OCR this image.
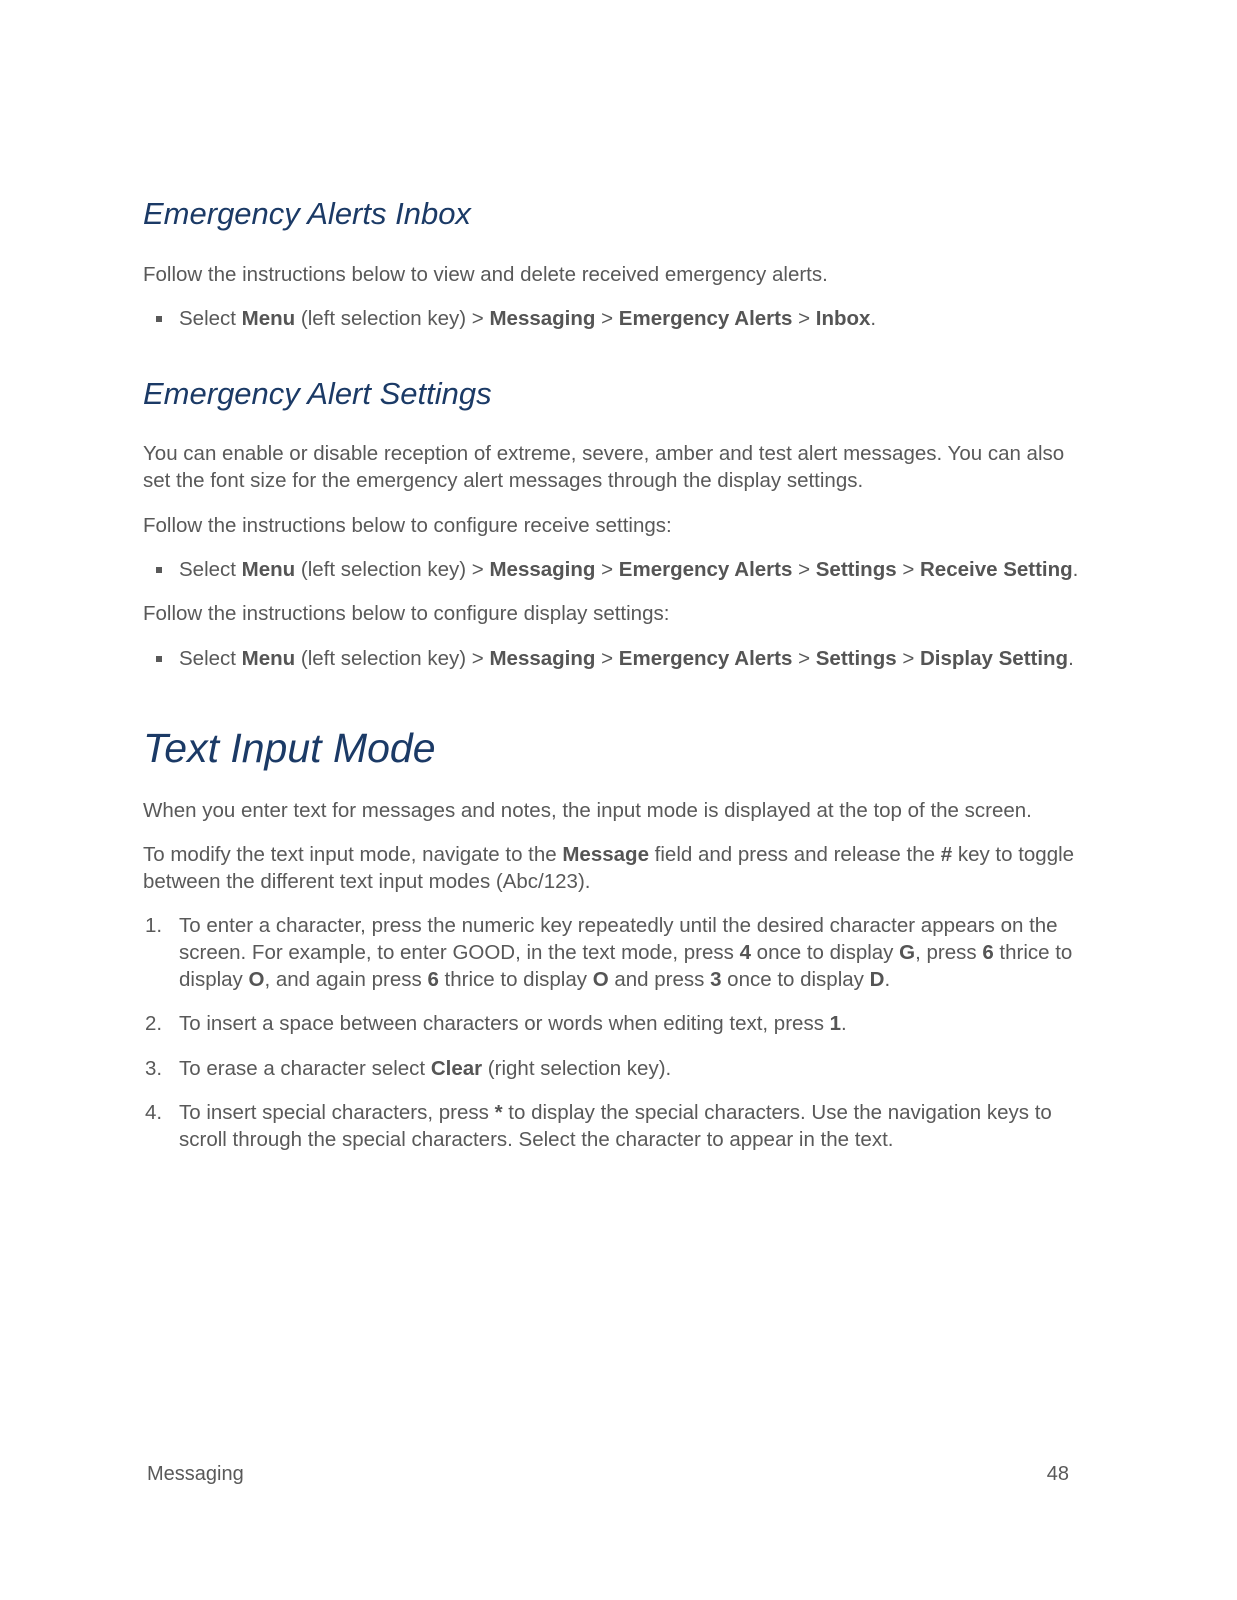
Emergency Alerts Inbox

Follow the instructions below to view and delete received emergency alerts.

Select Menu (left selection key) > Messaging > Emergency Alerts > Inbox.
Emergency Alert Settings

You can enable or disable reception of extreme, severe, amber and test alert messages. You can also set the font size for the emergency alert messages through the display settings.

Follow the instructions below to configure receive settings:

Select Menu (left selection key) > Messaging > Emergency Alerts > Settings > Receive Setting.

Follow the instructions below to configure display settings:

Select Menu (left selection key) > Messaging > Emergency Alerts > Settings > Display Setting.
Text Input Mode

When you enter text for messages and notes, the input mode is displayed at the top of the screen.

To modify the text input mode, navigate to the Message field and press and release the # key to toggle between the different text input modes (Abc/123).

1. To enter a character, press the numeric key repeatedly until the desired character appears on the screen. For example, to enter GOOD, in the text mode, press 4 once to display G, press 6 thrice to display O, and again press 6 thrice to display O and press 3 once to display D.
2. To insert a space between characters or words when editing text, press 1.
3. To erase a character select Clear (right selection key).
4. To insert special characters, press * to display the special characters. Use the navigation keys to scroll through the special characters. Select the character to appear in the text.
Messaging	48
